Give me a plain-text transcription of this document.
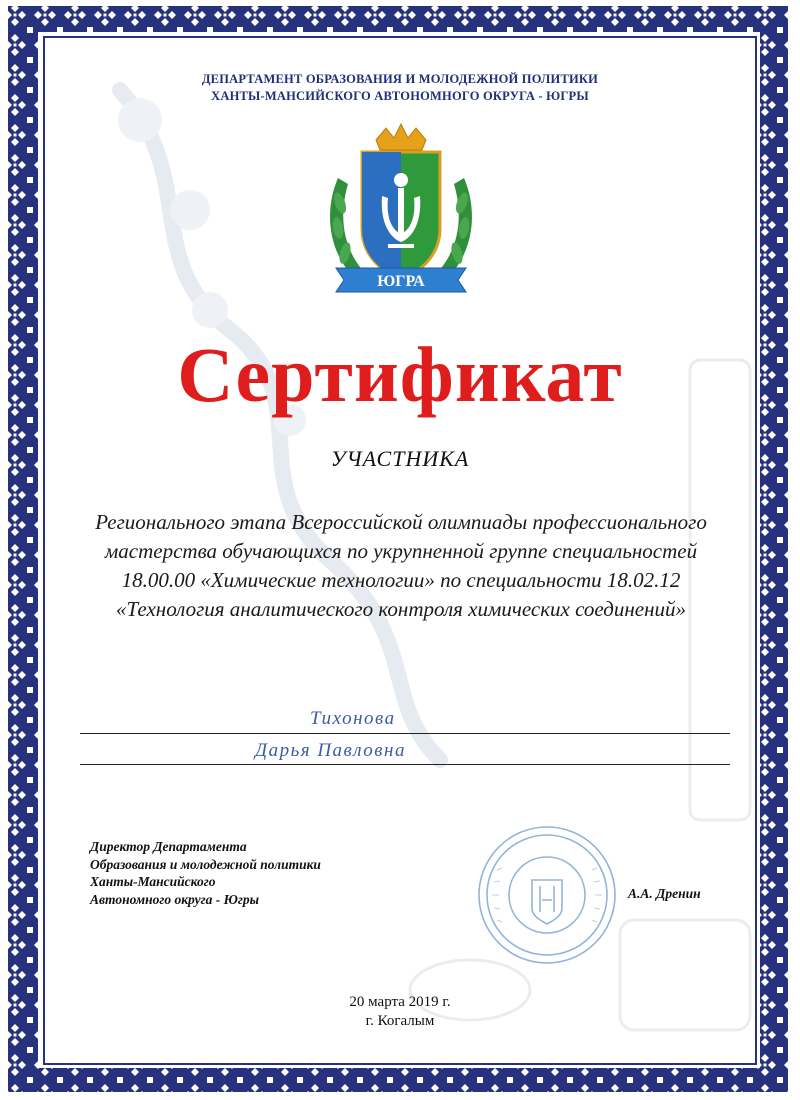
ДЕПАРТАМЕНТ ОБРАЗОВАНИЯ И МОЛОДЕЖНОЙ ПОЛИТИКИ
ХАНТЫ-МАНСИЙСКОГО АВТОНОМНОГО ОКРУГА - ЮГРЫ
ЮГРА
Сертификат
УЧАСТНИКА

Регионального этапа Всероссийской олимпиады профессионального мастерства обучающихся по укрупненной группе специальностей 18.00.00 «Химические технологии» по специальности 18.02.12 «Технология аналитического контроля химических соединений»

Тихонова
Дарья Павловна
Директор Департамента
Образования и молодежной политики
Ханты-Мансийского
Автономного округа - Югры	А.А. Дренин
20 марта 2019 г.
г. Когалым
